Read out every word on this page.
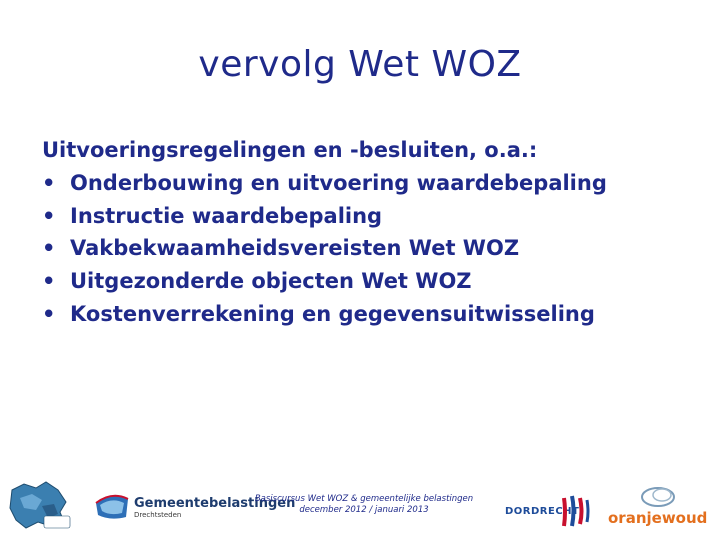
vervolg Wet WOZ
Uitvoeringsregelingen en -besluiten, o.a.:
• Onderbouwing en uitvoering waardebepaling
• Instructie waardebepaling
• Vakbekwaamheidsvereisten Wet WOZ
• Uitgezonderde objecten Wet WOZ
• Kostenverrekening en gegevensuitwisseling
Gemeentebelastingen
Drechtsteden
Basiscursus Wet WOZ & gemeentelijke belastingen
december 2012 / januari 2013	DORDRECHT oranjewoud
